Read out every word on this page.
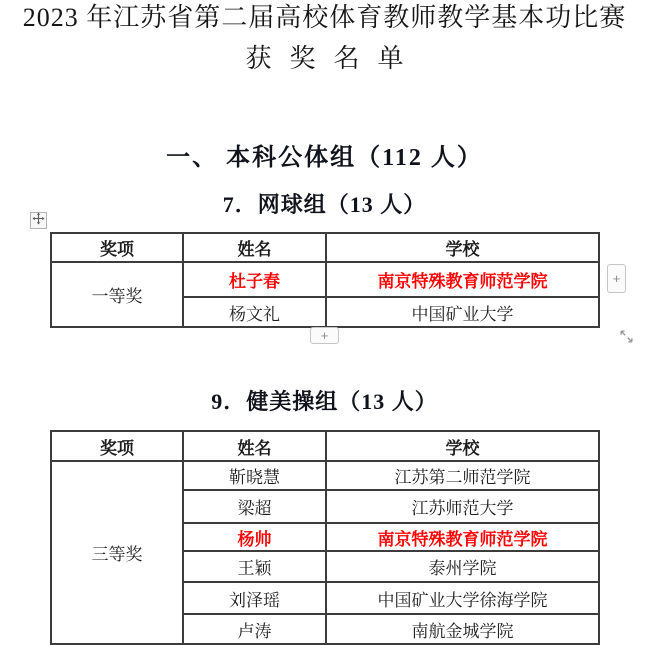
2023 年江苏省第二届高校体育教师教学基本功比赛
获奖名单
一、 本科公体组（112 人）
7．网球组（13 人）
奖项	姓名	学校
一等奖	杜子春	南京特殊教育师范学院
	杨文礼	中国矿业大学
+
+
9．健美操组（13 人）
奖项	姓名	学校
三等奖	靳晓慧	江苏第二师范学院
	梁超	江苏师范大学
	杨帅	南京特殊教育师范学院
	王颖	泰州学院
	刘泽瑶	中国矿业大学徐海学院
	卢涛	南航金城学院
